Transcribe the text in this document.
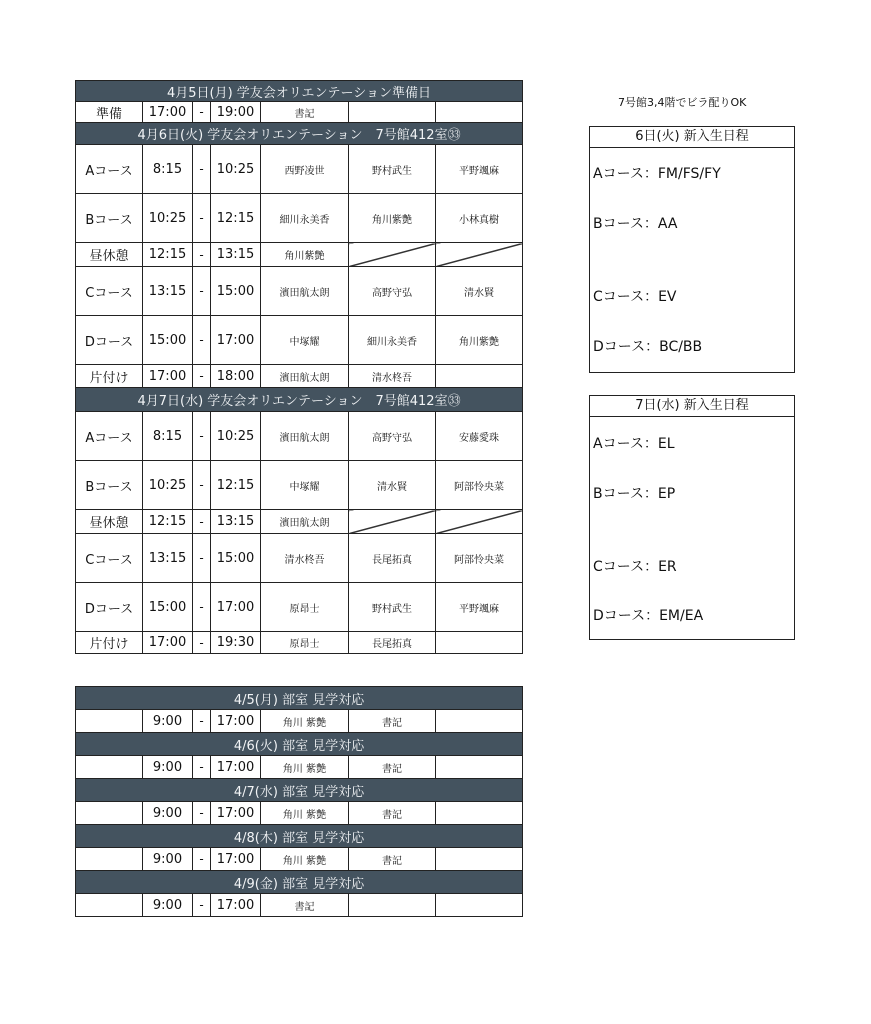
7号館3,4階でビラ配りOK
4月5日(月) 学友会オリエンテーション準備日						
準備	17:00	-	19:00	書記		
4月6日(火) 学友会オリエンテーション　7号館412室㉝						
Aコース	8:15	-	10:25	西野凌世	野村武生	平野颯麻
Bコース	10:25	-	12:15	細川永美香	角川紫艶	小林真樹
昼休憩	12:15	-	13:15	角川紫艶		
Cコース	13:15	-	15:00	濱田航太朗	高野守弘	清水賢
Dコース	15:00	-	17:00	中塚耀	細川永美香	角川紫艶
片付け	17:00	-	18:00	濱田航太朗	清水柊吾	
4月7日(水) 学友会オリエンテーション　7号館412室㉝						
Aコース	8:15	-	10:25	濱田航太朗	高野守弘	安藤愛珠
Bコース	10:25	-	12:15	中塚耀	清水賢	阿部怜央菜
昼休憩	12:15	-	13:15	濱田航太朗		
Cコース	13:15	-	15:00	清水柊吾	長尾拓真	阿部怜央菜
Dコース	15:00	-	17:00	原昂士	野村武生	平野颯麻
片付け	17:00	-	19:30	原昂士	長尾拓真	
4/5(月) 部室 見学対応						
	9:00	-	17:00	角川 紫艶	書記	
4/6(火) 部室 見学対応						
	9:00	-	17:00	角川 紫艶	書記	
4/7(水) 部室 見学対応						
	9:00	-	17:00	角川 紫艶	書記	
4/8(木) 部室 見学対応						
	9:00	-	17:00	角川 紫艶	書記	
4/9(金) 部室 見学対応						
	9:00	-	17:00	書記		
6日(火) 新入生日程
Aコース：FM/FS/FY
Bコース：AA
Cコース：EV
Dコース：BC/BB
7日(水) 新入生日程
Aコース：EL
Bコース：EP
Cコース：ER
Dコース：EM/EA
